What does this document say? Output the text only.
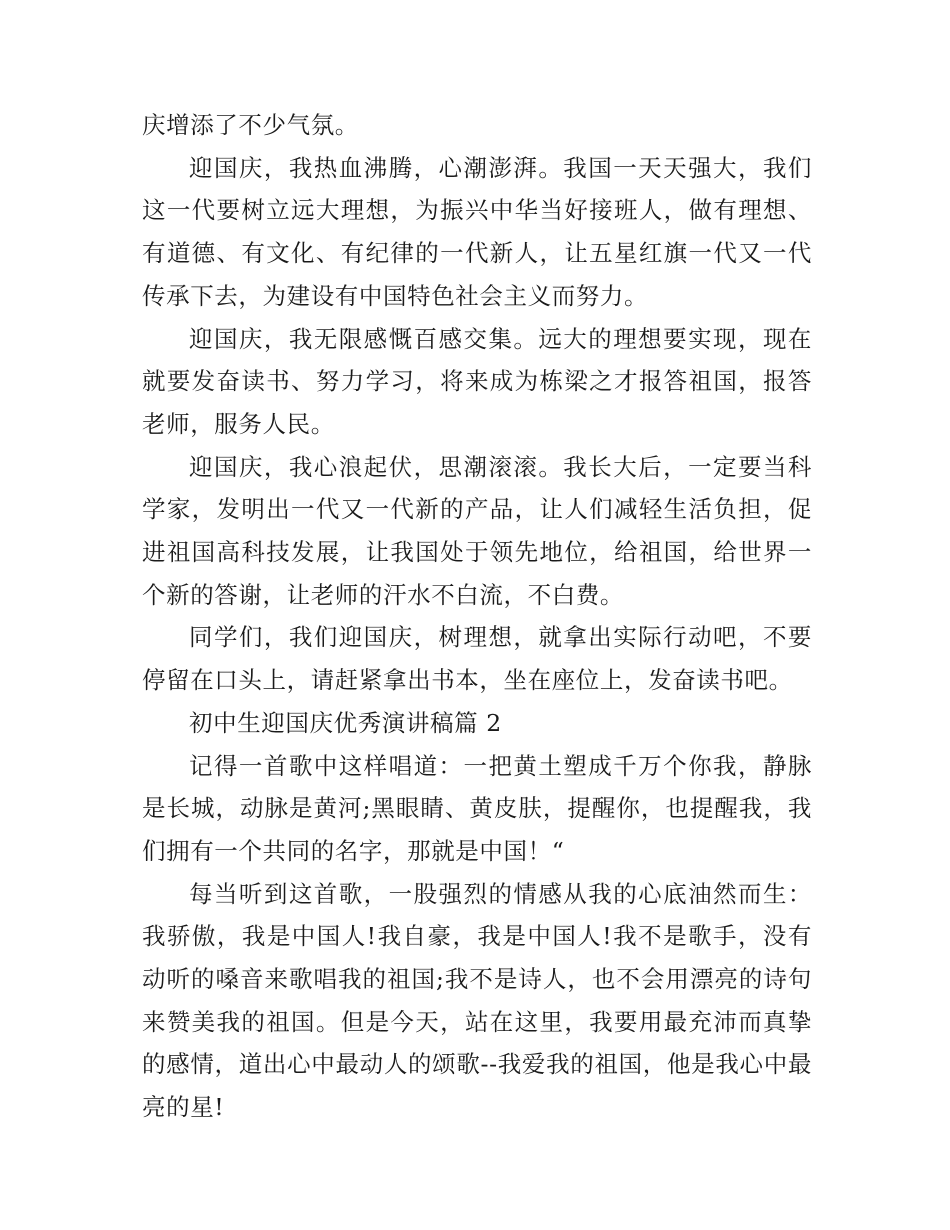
庆增添了不少气氛。

迎国庆，我热血沸腾，心潮澎湃。我国一天天强大，我们这一代要树立远大理想，为振兴中华当好接班人，做有理想、有道德、有文化、有纪律的一代新人，让五星红旗一代又一代传承下去，为建设有中国特色社会主义而努力。

迎国庆，我无限感慨百感交集。远大的理想要实现，现在就要发奋读书、努力学习，将来成为栋梁之才报答祖国，报答老师，服务人民。

迎国庆，我心浪起伏，思潮滚滚。我长大后，一定要当科学家，发明出一代又一代新的产品，让人们减轻生活负担，促进祖国高科技发展，让我国处于领先地位，给祖国，给世界一个新的答谢，让老师的汗水不白流，不白费。

同学们，我们迎国庆，树理想，就拿出实际行动吧，不要停留在口头上，请赶紧拿出书本，坐在座位上，发奋读书吧。

初中生迎国庆优秀演讲稿篇 2

记得一首歌中这样唱道：一把黄土塑成千万个你我，静脉是长城，动脉是黄河;黑眼睛、黄皮肤，提醒你，也提醒我，我们拥有一个共同的名字，那就是中国！“

每当听到这首歌，一股强烈的情感从我的心底油然而生：我骄傲，我是中国人!我自豪，我是中国人!我不是歌手，没有动听的嗓音来歌唱我的祖国;我不是诗人，也不会用漂亮的诗句来赞美我的祖国。但是今天，站在这里，我要用最充沛而真挚的感情，道出心中最动人的颂歌--我爱我的祖国，他是我心中最亮的星!
